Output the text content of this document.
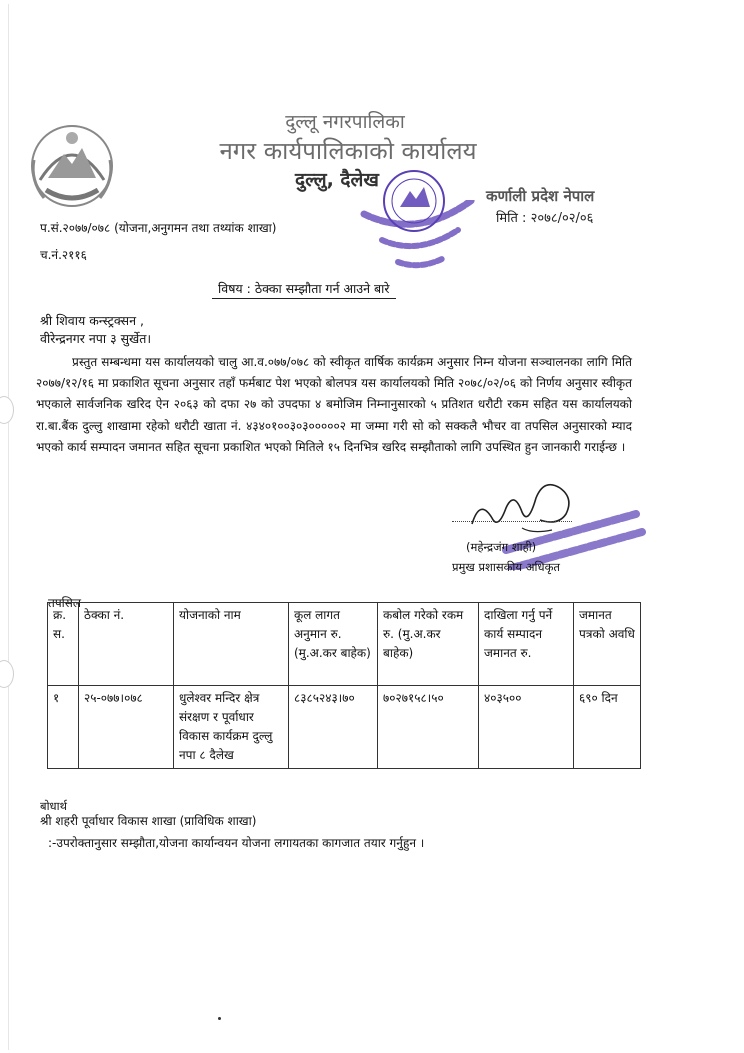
दुल्लू नगरपालिका
नगर कार्यपालिकाको कार्यालय
दुल्लु, दैलेख
कर्णाली प्रदेश नेपाल
मिति : २०७८/०२/०६
प.सं.२०७७/०७८ (योजना,अनुगमन तथा तथ्यांक शाखा)
च.नं.२११६
विषय : ठेक्का सम्झौता गर्न आउने बारे
श्री शिवाय कन्स्ट्रक्सन ,
वीरेन्द्रनगर नपा ३ सुर्खेत।
प्रस्तुत सम्बन्धमा यस कार्यालयको चालु आ.व.०७७/०७८ को स्वीकृत वार्षिक कार्यक्रम अनुसार निम्न योजना सञ्चालनका लागि मिति २०७७/१२/१६ मा प्रकाशित सूचना अनुसार तहाँ फर्मबाट पेश भएको बोलपत्र यस कार्यालयको मिति २०७८/०२/०६ को निर्णय अनुसार स्वीकृत भएकाले सार्वजनिक खरिद ऐन २०६३ को दफा २७ को उपदफा ४ बमोजिम निम्नानुसारको ५ प्रतिशत धरौटी रकम सहित यस कार्यालयको रा.बा.बैंक दुल्लु शाखामा रहेको धरौटी खाता नं. ४३४०१००३०३०००००२ मा जम्मा गरी सो को सक्कलै भौचर वा तपसिल अनुसारको म्याद भएको कार्य सम्पादन जमानत सहित सूचना प्रकाशित भएको मितिले १५ दिनभित्र खरिद सम्झौताको लागि उपस्थित हुन जानकारी गराईन्छ ।
(महेन्द्रजंग शाही)
प्रमुख प्रशासकीय अधिकृत
तपसिल
क्र. स.	ठेक्का नं.	योजनाको नाम	कूल लागत अनुमान रु. (मु.अ.कर बाहेक)	कबोल गरेको रकम रु. (मु.अ.कर बाहेक)	दाखिला गर्नु पर्ने कार्य सम्पादन जमानत रु.	जमानत पत्रको अवधि
१	२५-०७७।०७८	धुलेश्वर मन्दिर क्षेत्र संरक्षण र पूर्वाधार विकास कार्यक्रम दुल्लु नपा ८ दैलेख	८३८५२४३।७०	७०२७१५८।५०	४०३५००	६९० दिन
बोधार्थ
श्री शहरी पूर्वाधार विकास शाखा (प्राविधिक शाखा)
:-उपरोक्तानुसार सम्झौता,योजना कार्यान्वयन योजना लगायतका कागजात तयार गर्नुहुन ।
